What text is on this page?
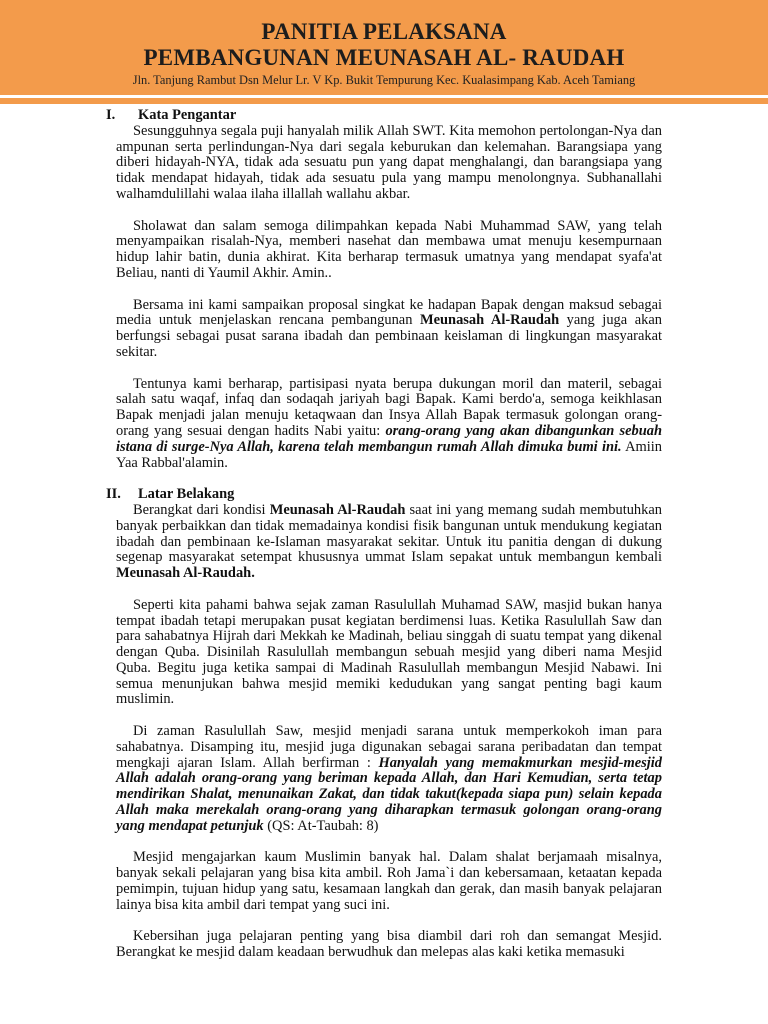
PANITIA PELAKSANA
PEMBANGUNAN MEUNASAH AL- RAUDAH
Jln. Tanjung Rambut Dsn Melur Lr. V Kp. Bukit Tempurung Kec. Kualasimpang Kab. Aceh Tamiang
I. Kata Pengantar

Sesungguhnya segala puji hanyalah milik Allah SWT. Kita memohon pertolongan-Nya dan ampunan serta perlindungan-Nya dari segala keburukan dan kelemahan. Barangsiapa yang diberi hidayah-NYA, tidak ada sesuatu pun yang dapat menghalangi, dan barangsiapa yang tidak mendapat hidayah, tidak ada sesuatu pula yang mampu menolongnya. Subhanallahi walhamdulillahi walaa ilaha illallah wallahu akbar.

Sholawat dan salam semoga dilimpahkan kepada Nabi Muhammad SAW, yang telah menyampaikan risalah-Nya, memberi nasehat dan membawa umat menuju kesempurnaan hidup lahir batin, dunia akhirat. Kita berharap termasuk umatnya yang mendapat syafa'at Beliau, nanti di Yaumil Akhir. Amin..

Bersama ini kami sampaikan proposal singkat ke hadapan Bapak dengan maksud sebagai media untuk menjelaskan rencana pembangunan Meunasah Al-Raudah yang juga akan berfungsi sebagai pusat sarana ibadah dan pembinaan keislaman di lingkungan masyarakat sekitar.

Tentunya kami berharap, partisipasi nyata berupa dukungan moril dan materil, sebagai salah satu waqaf, infaq dan sodaqah jariyah bagi Bapak. Kami berdo'a, semoga keikhlasan Bapak menjadi jalan menuju ketaqwaan dan Insya Allah Bapak termasuk golongan orang-orang yang sesuai dengan hadits Nabi yaitu: orang-orang yang akan dibangunkan sebuah istana di surge-Nya Allah, karena telah membangun rumah Allah dimuka bumi ini. Amiin Yaa Rabbal'alamin.

II. Latar Belakang

Berangkat dari kondisi Meunasah Al-Raudah saat ini yang memang sudah membutuhkan banyak perbaikkan dan tidak memadainya kondisi fisik bangunan untuk mendukung kegiatan ibadah dan pembinaan ke-Islaman masyarakat sekitar. Untuk itu panitia dengan di dukung segenap masyarakat setempat khususnya ummat Islam sepakat untuk membangun kembali Meunasah Al-Raudah.

Seperti kita pahami bahwa sejak zaman Rasulullah Muhamad SAW, masjid bukan hanya tempat ibadah tetapi merupakan pusat kegiatan berdimensi luas. Ketika Rasulullah Saw dan para sahabatnya Hijrah dari Mekkah ke Madinah, beliau singgah di suatu tempat yang dikenal dengan Quba. Disinilah Rasulullah membangun sebuah mesjid yang diberi nama Mesjid Quba. Begitu juga ketika sampai di Madinah Rasulullah membangun Mesjid Nabawi. Ini semua menunjukan bahwa mesjid memiki kedudukan yang sangat penting bagi kaum muslimin.

Di zaman Rasulullah Saw, mesjid menjadi sarana untuk memperkokoh iman para sahabatnya. Disamping itu, mesjid juga digunakan sebagai sarana peribadatan dan tempat mengkaji ajaran Islam. Allah berfirman : Hanyalah yang memakmurkan mesjid-mesjid Allah adalah orang-orang yang beriman kepada Allah, dan Hari Kemudian, serta tetap mendirikan Shalat, menunaikan Zakat, dan tidak takut(kepada siapa pun) selain kepada Allah maka merekalah orang-orang yang diharapkan termasuk golongan orang-orang yang mendapat petunjuk (QS: At-Taubah: 8)

Mesjid mengajarkan kaum Muslimin banyak hal. Dalam shalat berjamaah misalnya, banyak sekali pelajaran yang bisa kita ambil. Roh Jama`i dan kebersamaan, ketaatan kepada pemimpin, tujuan hidup yang satu, kesamaan langkah dan gerak, dan masih banyak pelajaran lainya bisa kita ambil dari tempat yang suci ini.

Kebersihan juga pelajaran penting yang bisa diambil dari roh dan semangat Mesjid. Berangkat ke mesjid dalam keadaan berwudhuk dan melepas alas kaki ketika memasuki
